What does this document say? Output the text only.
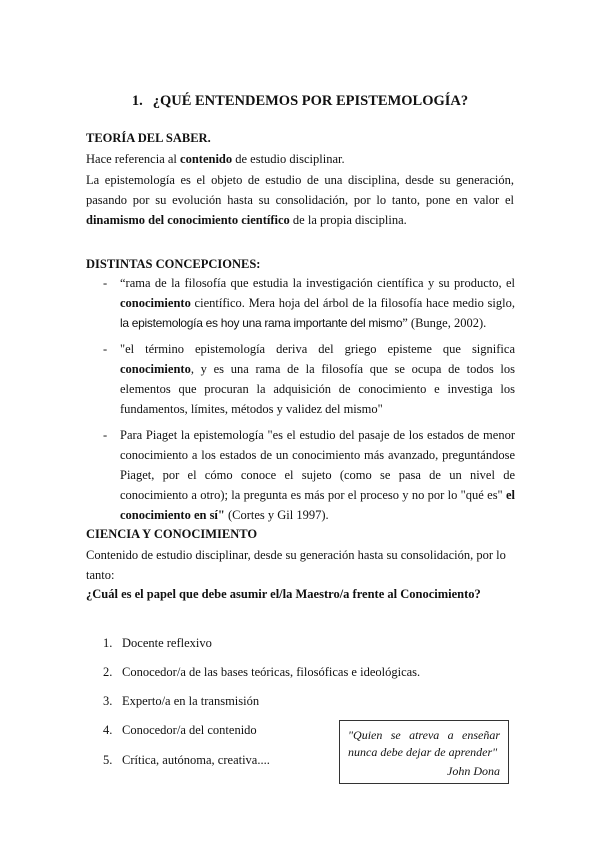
1. ¿QUÉ ENTENDEMOS POR EPISTEMOLOGÍA?
TEORÍA DEL SABER.
Hace referencia al contenido de estudio disciplinar.
La epistemología es el objeto de estudio de una disciplina, desde su generación, pasando por su evolución hasta su consolidación, por lo tanto, pone en valor el dinamismo del conocimiento científico de la propia disciplina.
DISTINTAS CONCEPCIONES:
- “rama de la filosofía que estudia la investigación científica y su producto, el conocimiento científico. Mera hoja del árbol de la filosofía hace medio siglo, la epistemología es hoy una rama importante del mismo” (Bunge, 2002).
- "el término epistemología deriva del griego episteme que significa conocimiento, y es una rama de la filosofía que se ocupa de todos los elementos que procuran la adquisición de conocimiento e investiga los fundamentos, límites, métodos y validez del mismo"
- Para Piaget la epistemología "es el estudio del pasaje de los estados de menor conocimiento a los estados de un conocimiento más avanzado, preguntándose Piaget, por el cómo conoce el sujeto (como se pasa de un nivel de conocimiento a otro); la pregunta es más por el proceso y no por lo "qué es" el conocimiento en sí" (Cortes y Gil 1997).
CIENCIA Y CONOCIMIENTO
Contenido de estudio disciplinar, desde su generación hasta su consolidación, por lo
tanto:
¿Cuál es el papel que debe asumir el/la Maestro/a frente al Conocimiento?
1. Docente reflexivo
2. Conocedor/a de las bases teóricas, filosóficas e ideológicas.
3. Experto/a en la transmisión
4. Conocedor/a del contenido
5. Crítica, autónoma, creativa....
"Quien se atreva a enseñar nunca debe dejar de aprender"
John Dona
